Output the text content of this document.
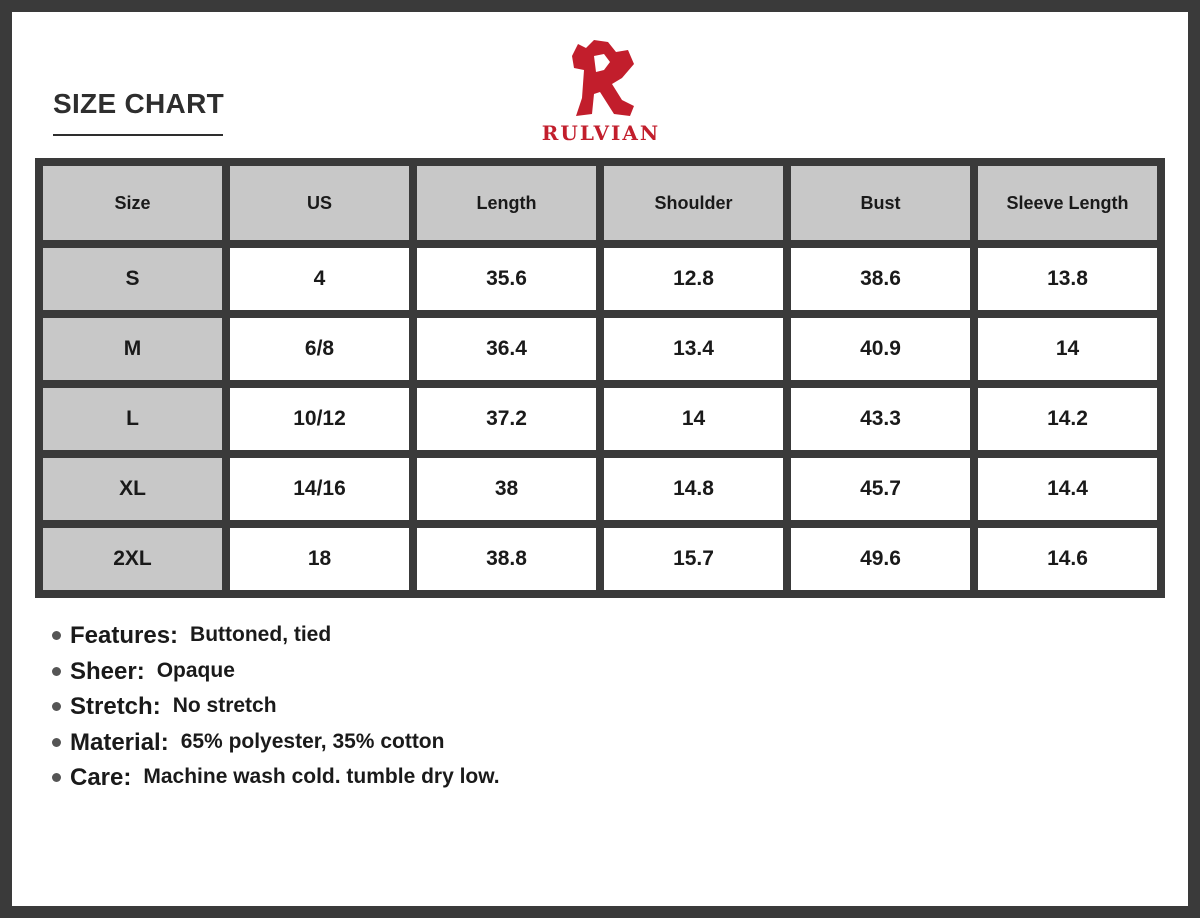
SIZE CHART
RULVIAN
Size	US	Length	Shoulder	Bust	Sleeve Length
S	4	35.6	12.8	38.6	13.8
M	6/8	36.4	13.4	40.9	14
L	10/12	37.2	14	43.3	14.2
XL	14/16	38	14.8	45.7	14.4
2XL	18	38.8	15.7	49.6	14.6
Features: Buttoned, tied
Sheer: Opaque
Stretch: No stretch
Material: 65% polyester, 35% cotton
Care: Machine wash cold. tumble dry low.
